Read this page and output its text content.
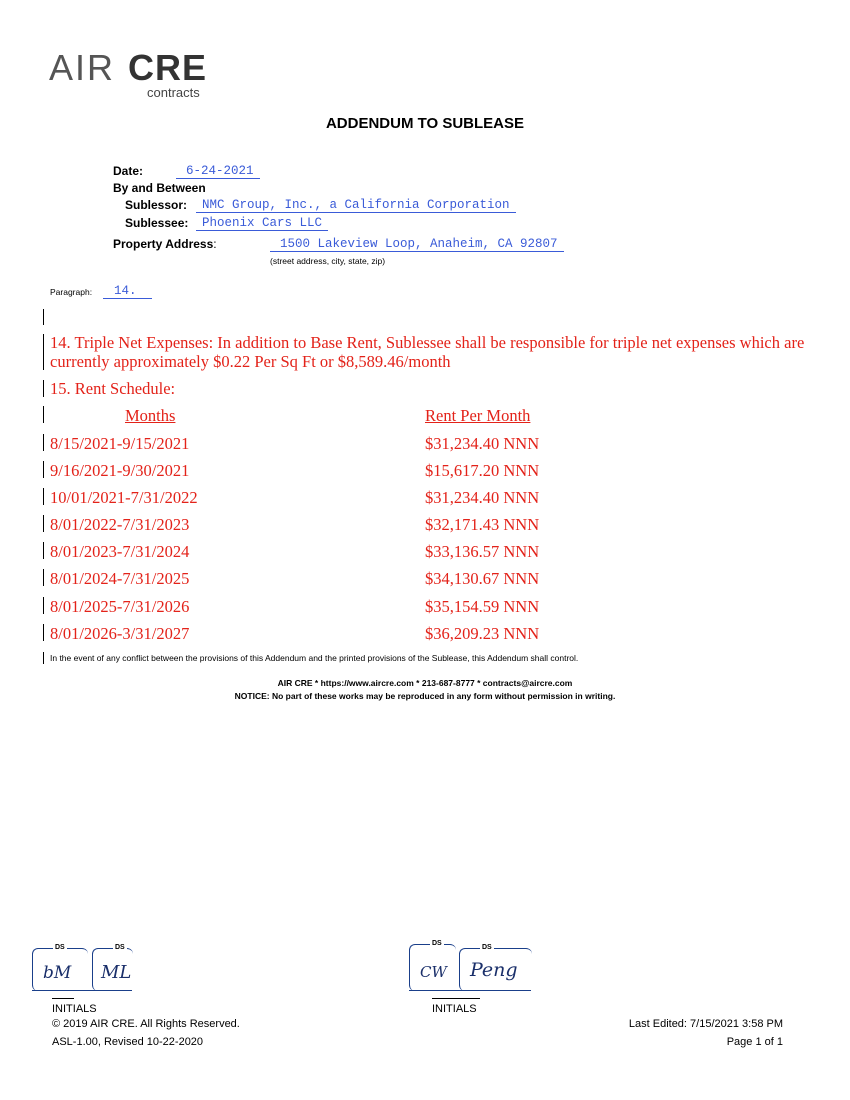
AIR CRE
contracts
ADDENDUM TO SUBLEASE
Date:	6-24-2021
By and Between
Sublessor:	NMC Group, Inc., a California Corporation
Sublessee:	Phoenix Cars LLC
Property Address:	1500 Lakeview Loop, Anaheim, CA 92807
(street address, city, state, zip)
Paragraph:	14.
14. Triple Net Expenses: In addition to Base Rent, Sublessee shall be responsible for triple net expenses which are currently approximately $0.22 Per Sq Ft or $8,589.46/month
15. Rent Schedule:
Months	Rent Per Month
8/15/2021-9/15/2021	$31,234.40 NNN
9/16/2021-9/30/2021	$15,617.20 NNN
10/01/2021-7/31/2022	$31,234.40 NNN
8/01/2022-7/31/2023	$32,171.43 NNN
8/01/2023-7/31/2024	$33,136.57 NNN
8/01/2024-7/31/2025	$34,130.67 NNN
8/01/2025-7/31/2026	$35,154.59 NNN
8/01/2026-3/31/2027	$36,209.23 NNN
In the event of any conflict between the provisions of this Addendum and the printed provisions of the Sublease, this Addendum shall control.
AIR CRE * https://www.aircre.com * 213-687-8777 * contracts@aircre.com
NOTICE: No part of these works may be reproduced in any form without permission in writing.
DS
bM
DS
ML
INITIALS
DS
CW
DS
Peng
INITIALS
© 2019 AIR CRE. All Rights Reserved.
ASL-1.00, Revised 10-22-2020
Last Edited: 7/15/2021 3:58 PM
Page 1 of 1
